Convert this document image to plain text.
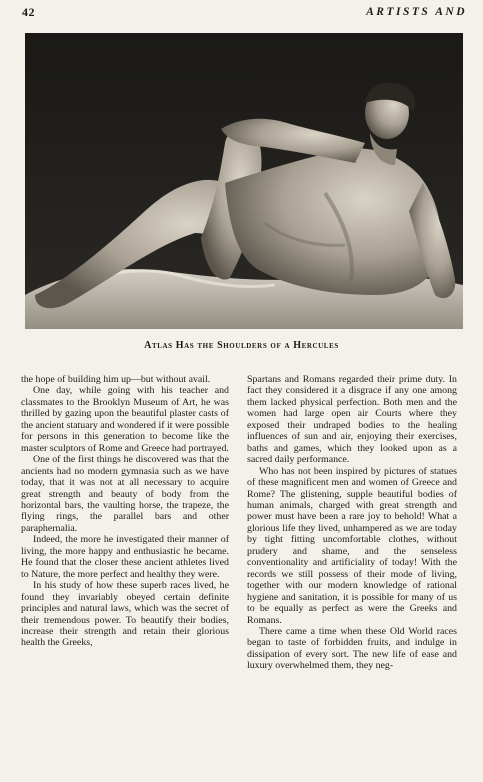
42	ARTISTS AND
Atlas Has the Shoulders of a Hercules

the hope of building him up—but without avail.

One day, while going with his teacher and classmates to the Brooklyn Museum of Art, he was thrilled by gazing upon the beautiful plaster casts of the ancient statuary and wondered if it were possible for persons in this generation to become like the master sculptors of Rome and Greece had portrayed.

One of the first things he discovered was that the ancients had no modern gymnasia such as we have today, that it was not at all necessary to acquire great strength and beauty of body from the horizontal bars, the vaulting horse, the trapeze, the flying rings, the parallel bars and other paraphernalia.

Indeed, the more he investigated their manner of living, the more happy and enthusiastic he became. He found that the closer these ancient athletes lived to Nature, the more perfect and healthy they were.

In his study of how these superb races lived, he found they invariably obeyed certain definite principles and natural laws, which was the secret of their tremendous power. To beautify their bodies, increase their strength and retain their glorious health the Greeks,

Spartans and Romans regarded their prime duty. In fact they considered it a disgrace if any one among them lacked physical perfection. Both men and the women had large open air Courts where they exposed their undraped bodies to the healing influences of sun and air, enjoying their exercises, baths and games, which they looked upon as a sacred daily performance.

Who has not been inspired by pictures of statues of these magnificent men and women of Greece and Rome? The glistening, supple beautiful bodies of human animals, charged with great strength and power must have been a rare joy to behold! What a glorious life they lived, unhampered as we are today by tight fitting uncomfortable clothes, without prudery and shame, and the senseless conventionality and artificiality of today! With the records we still possess of their mode of living, together with our modern knowledge of rational hygiene and sanitation, it is possible for many of us to be equally as perfect as were the Greeks and Romans.

There came a time when these Old World races began to taste of forbidden fruits, and indulge in dissipation of every sort. The new life of ease and luxury overwhelmed them, they neg-
